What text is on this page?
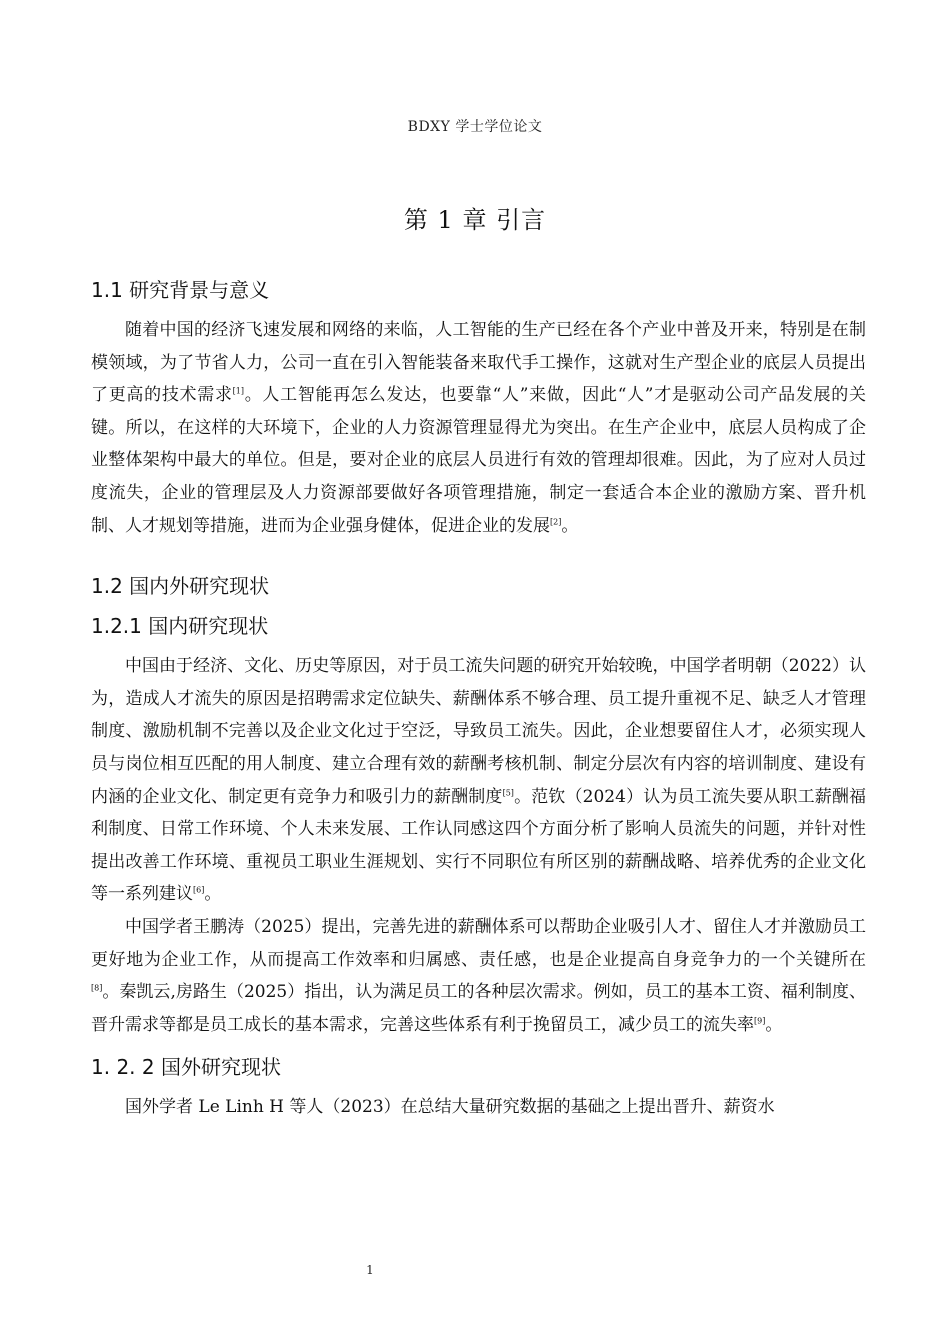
BDXY 学士学位论文
第 1 章 引言
1.1 研究背景与意义

随着中国的经济飞速发展和网络的来临，人工智能的生产已经在各个产业中普及开来，特别是在制模领域，为了节省人力，公司一直在引入智能装备来取代手工操作，这就对生产型企业的底层人员提出了更高的技术需求[1]。人工智能再怎么发达，也要靠“人”来做，因此“人”才是驱动公司产品发展的关键。所以，在这样的大环境下，企业的人力资源管理显得尤为突出。在生产企业中，底层人员构成了企业整体架构中最大的单位。但是，要对企业的底层人员进行有效的管理却很难。因此，为了应对人员过度流失，企业的管理层及人力资源部要做好各项管理措施，制定一套适合本企业的激励方案、晋升机制、人才规划等措施，进而为企业强身健体，促进企业的发展[2]。

1.2 国内外研究现状
1.2.1 国内研究现状

中国由于经济、文化、历史等原因，对于员工流失问题的研究开始较晚，中国学者明朝（2022）认为，造成人才流失的原因是招聘需求定位缺失、薪酬体系不够合理、员工提升重视不足、缺乏人才管理制度、激励机制不完善以及企业文化过于空泛，导致员工流失。因此，企业想要留住人才，必须实现人员与岗位相互匹配的用人制度、建立合理有效的薪酬考核机制、制定分层次有内容的培训制度、建设有内涵的企业文化、制定更有竞争力和吸引力的薪酬制度[5]。范钦（2024）认为员工流失要从职工薪酬福利制度、日常工作环境、个人未来发展、工作认同感这四个方面分析了影响人员流失的问题，并针对性提出改善工作环境、重视员工职业生涯规划、实行不同职位有所区别的薪酬战略、培养优秀的企业文化等一系列建议[6]。

中国学者王鹏涛（2025）提出，完善先进的薪酬体系可以帮助企业吸引人才、留住人才并激励员工更好地为企业工作，从而提高工作效率和归属感、责任感，也是企业提高自身竞争力的一个关键所在[8]。秦凯云,房路生（2025）指出，认为满足员工的各种层次需求。例如，员工的基本工资、福利制度、晋升需求等都是员工成长的基本需求，完善这些体系有利于挽留员工，减少员工的流失率[9]。

1. 2. 2 国外研究现状

国外学者 Le Linh H 等人（2023）在总结大量研究数据的基础之上提出晋升、薪资水

1
